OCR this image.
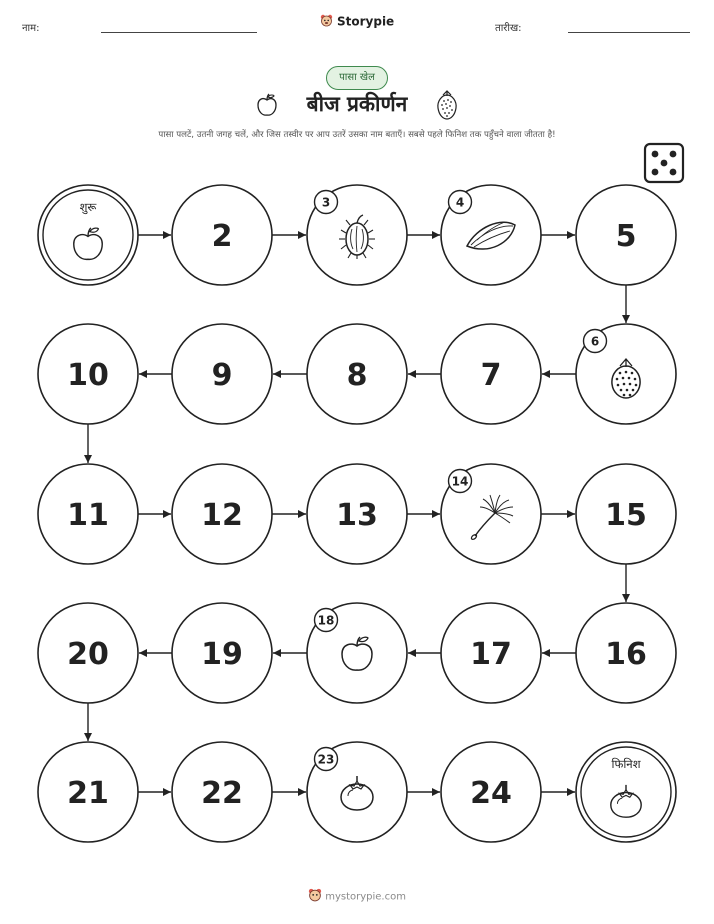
नाम:	Storypie	तारीख:
पासा खेल
बीज प्रकीर्णन
पासा पलटें, उतनी जगह चलें, और जिस तस्वीर पर आप उतरें उसका नाम बताएँ। सबसे पहले फिनिश तक पहुँचने वाला जीतता है!
शुरू
2
3	4
5
6
7
8
9
10
11	12	13
14
15
16
17
18
19
20
21	22
23
24
फिनिश
mystorypie.com
